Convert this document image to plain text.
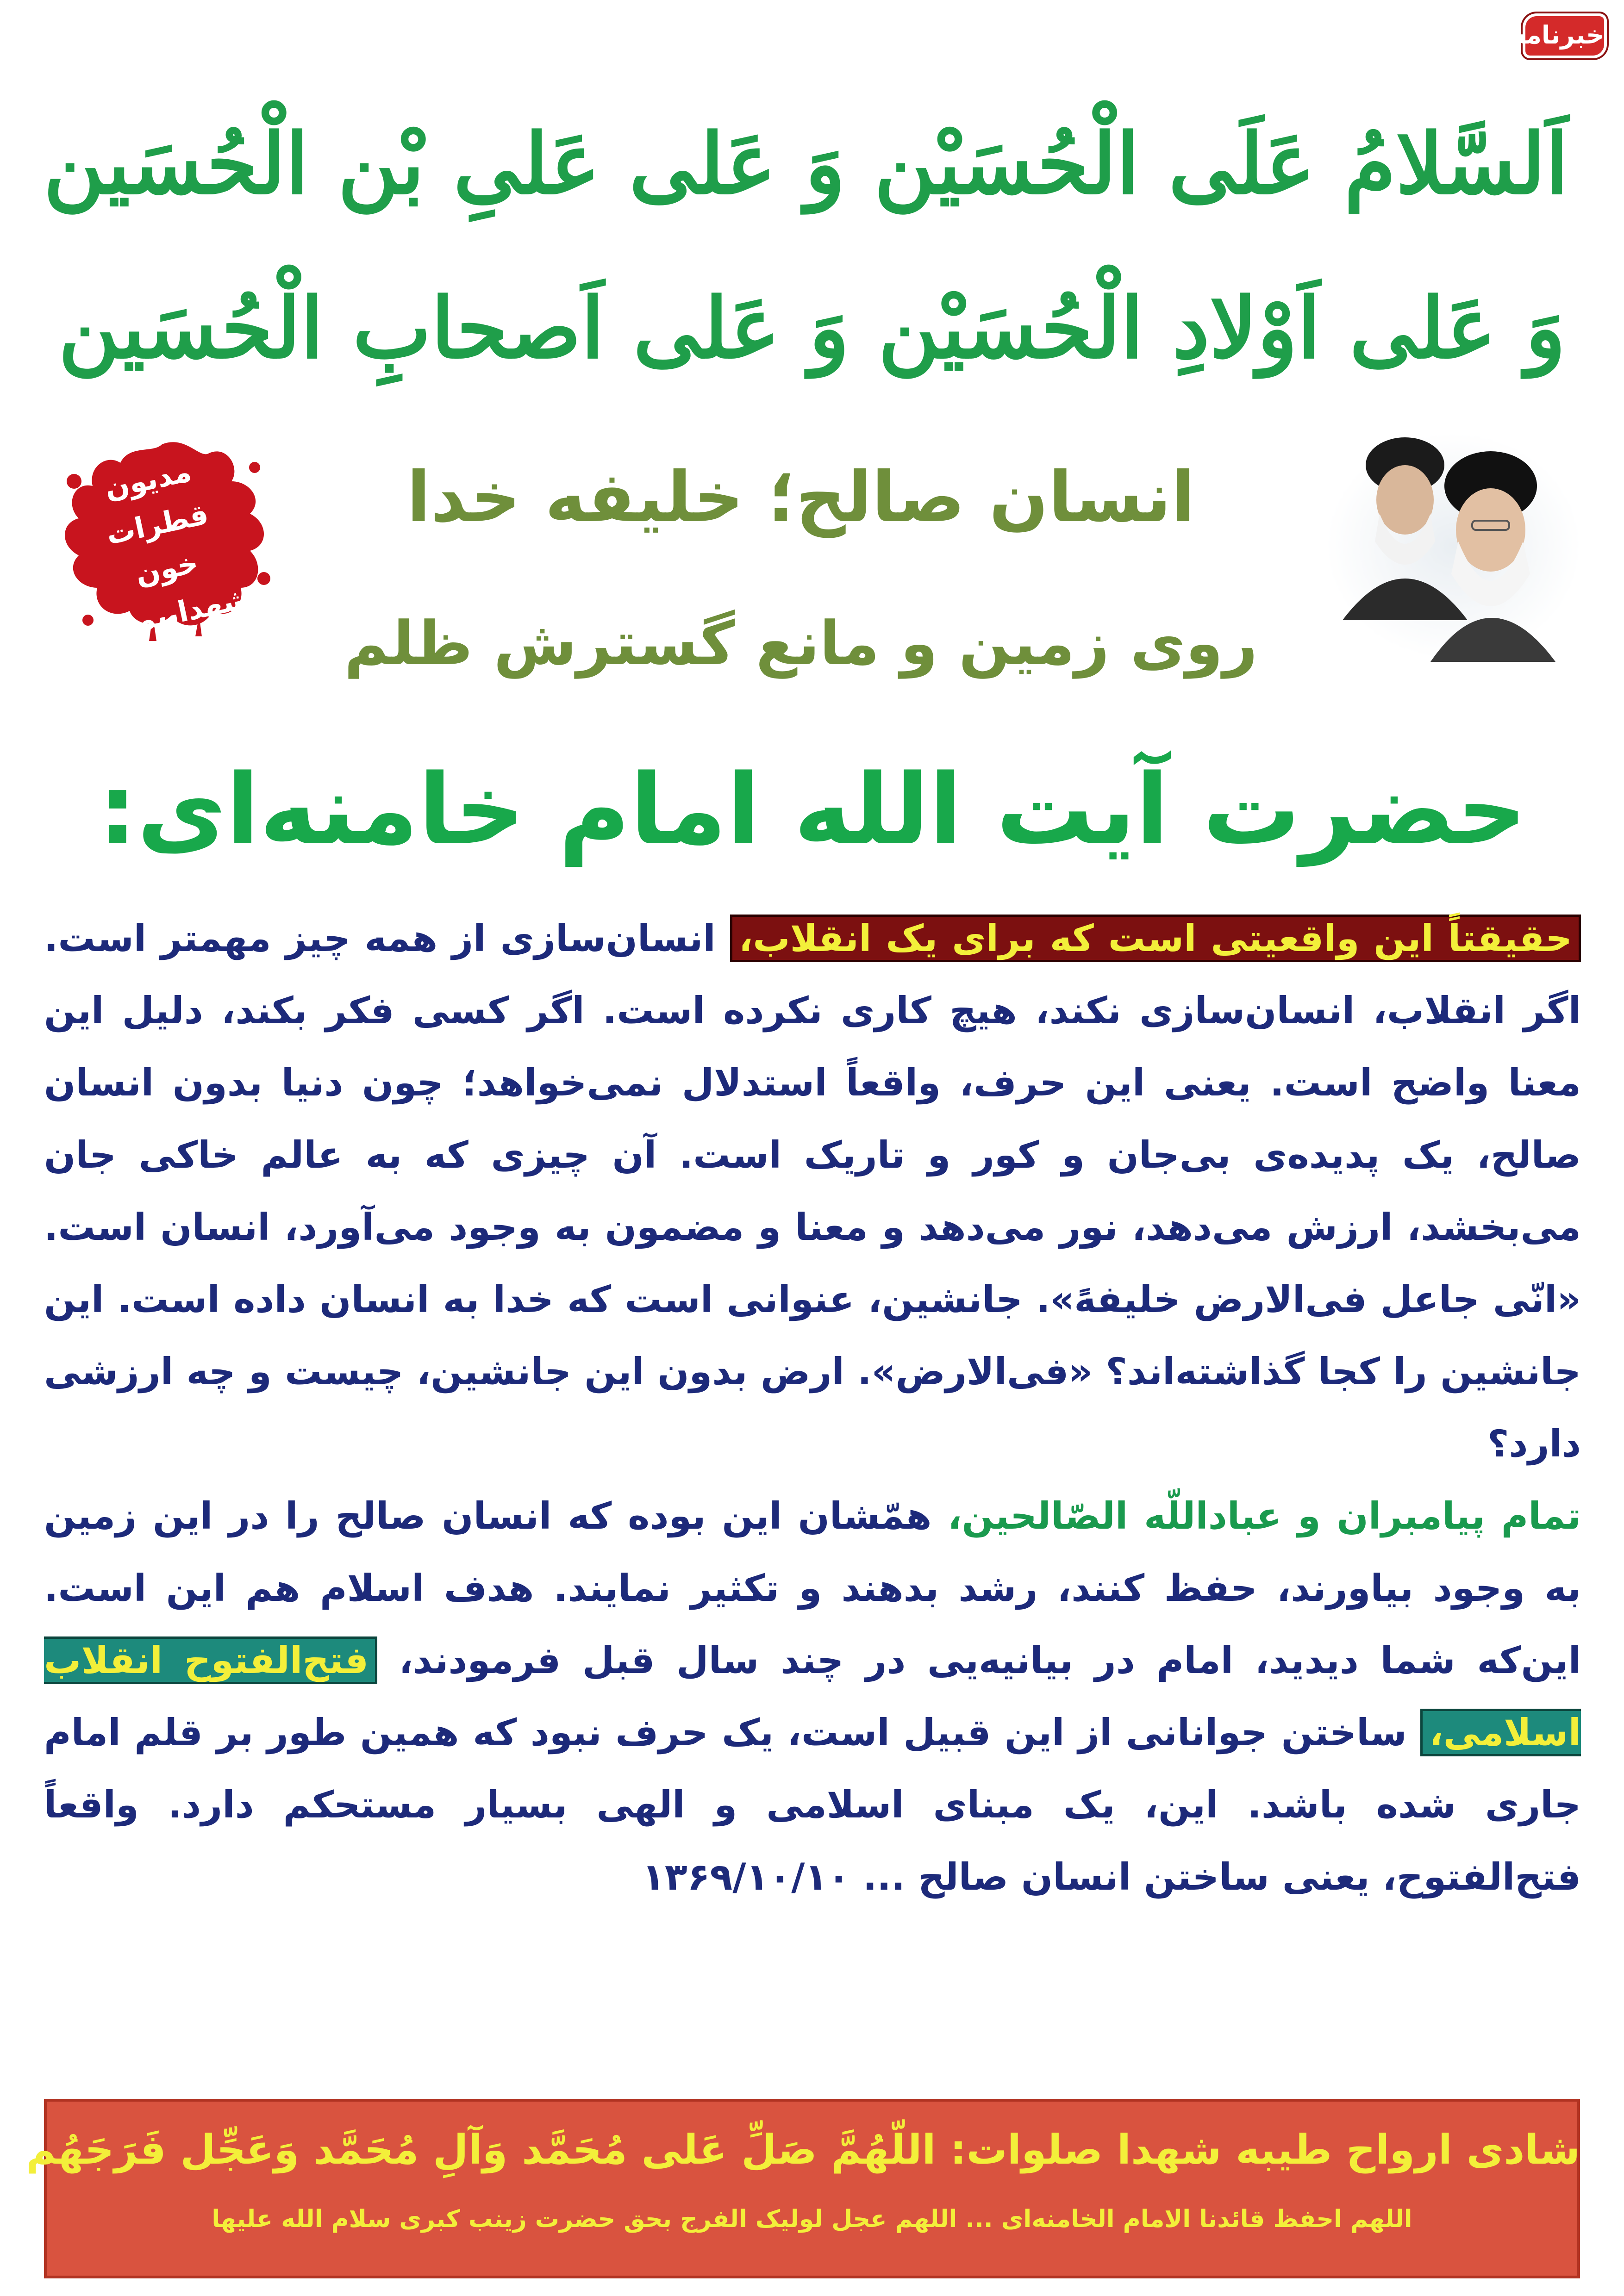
خبرنامه
اَلسَّلامُ عَلَی الْحُسَیْن وَ عَلی عَلیِ بْن الْحُسَین
وَ عَلی اَوْلادِ الْحُسَیْن وَ عَلی اَصحابِ الْحُسَین
مدیون
قطرات خون
شهداییم...
انسان صالح؛ خلیفه خدا
روی زمین و مانع گسترش ظلم
حضرت آیت الله امام خامنه‌ای:
حقیقتاً این واقعیتی است که برای یک انقلاب، انسان‌سازی از همه چیز مهمتر است. اگر انقلاب، انسان‌سازی نکند، هیچ کاری نکرده است. اگر کسی فکر بکند، دلیل این معنا واضح است. یعنی این حرف، واقعاً استدلال نمی‌خواهد؛ چون دنیا بدون انسان صالح، یک پدیده‌ی بی‌جان و کور و تاریک است. آن چیزی که به عالم خاکی جان می‌بخشد، ارزش می‌دهد، نور می‌دهد و معنا و مضمون به وجود می‌آورد، انسان است. «انّی جاعل فی‌الارض خلیفهً». جانشین، عنوانی است که خدا به انسان داده است. این جانشین را کجا گذاشته‌اند؟ «فی‌الارض». ارض بدون این جانشین، چیست و چه ارزشی دارد؟
تمام پیامبران و عباداللّه الصّالحین، همّشان این بوده که انسان صالح را در این زمین به وجود بیاورند، حفظ کنند، رشد بدهند و تکثیر نمایند. هدف اسلام هم این است. این‌که شما دیدید، امام در بیانیه‌یی در چند سال قبل فرمودند، فتح‌الفتوح انقلاب اسلامی، ساختن جوانانی از این قبیل است، یک حرف نبود که همین طور بر قلم امام جاری شده باشد. این، یک مبنای اسلامی و الهی بسیار مستحکم دارد. واقعاً فتح‌الفتوح، یعنی ساختن انسان صالح ... ۱۳۶۹/۱۰/۱۰
شادی ارواح طیبه شهدا صلوات: اللّهُمَّ صَلِّ عَلی مُحَمَّد وَآلِ مُحَمَّد وَعَجِّل فَرَجَهُم
اللهم احفظ قائدنا الامام الخامنه‌ای ... اللهم عجل لولیک الفرج بحق حضرت زینب کبری سلام الله علیها
